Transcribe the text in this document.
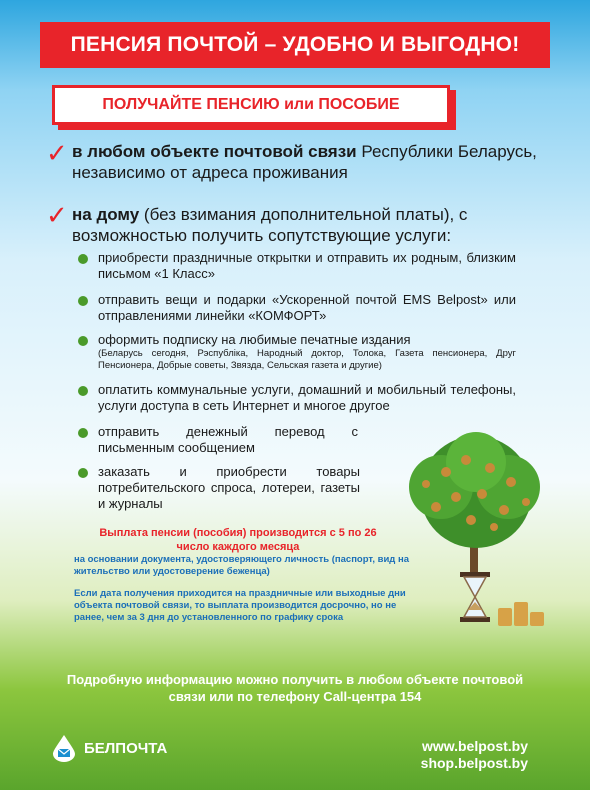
ПЕНСИЯ ПОЧТОЙ – УДОБНО И ВЫГОДНО!
ПОЛУЧАЙТЕ ПЕНСИЮ или ПОСОБИЕ
✓ в любом объекте почтовой связи Республики Беларусь, независимо от адреса проживания
✓ на дому (без взимания дополнительной платы), с возможностью получить сопутствующие услуги:
приобрести праздничные открытки и отправить их родным, близким письмом «1 Класс»
отправить вещи и подарки «Ускоренной почтой EMS Belpost» или отправлениями линейки «КОМФОРТ»
оформить подписку на любимые печатные издания
(Беларусь сегодня, Рэспубліка, Народный доктор, Толока, Газета пенсионера, Друг Пенсионера, Добрые советы, Звязда, Сельская газета и другие)
оплатить коммунальные услуги, домашний и мобильный телефоны, услуги доступа в сеть Интернет и многое другое
отправить денежный перевод с письменным сообщением
заказать и приобрести товары потребительского спроса, лотереи, газеты и журналы
Выплата пенсии (пособия) производится с 5 по 26 число каждого месяца
на основании документа, удостоверяющего личность (паспорт, вид на жительство или удостоверение беженца)
Если дата получения приходится на праздничные или выходные дни объекта почтовой связи, то выплата производится досрочно, но не ранее, чем за 3 дня до установленного по графику срока
Подробную информацию можно получить в любом объекте почтовой связи или по телефону Call-центра 154
БЕЛПОЧТА	www.belpost.by
shop.belpost.by
